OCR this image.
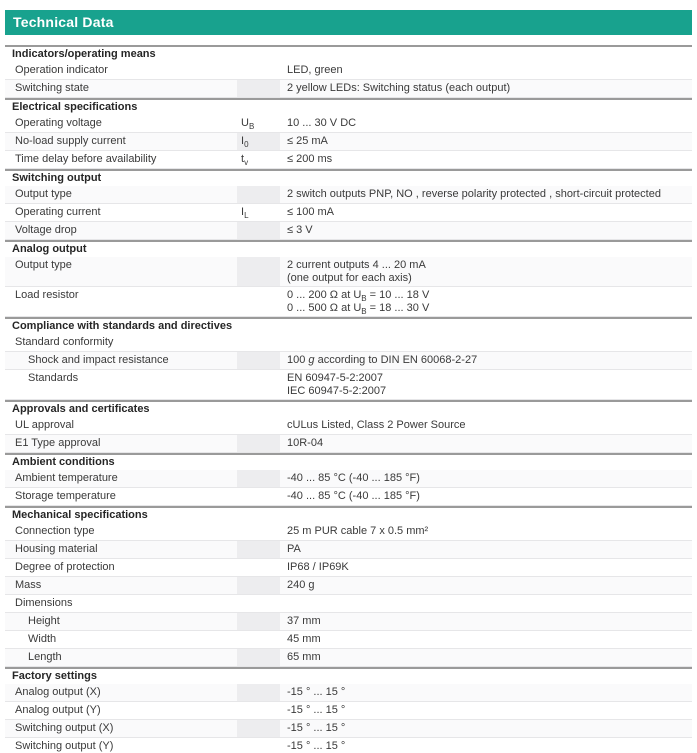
Technical Data
Indicators/operating means
Operation indicator	LED, green
Switching state	2 yellow LEDs: Switching status (each output)
Electrical specifications
Operating voltage	$U_B$	10 ... 30 V DC
No-load supply current	$I_0$	≤ 25 mA
Time delay before availability	$t_v$	≤ 200 ms
Switching output
Output type	2 switch outputs PNP, NO , reverse polarity protected , short-circuit protected
Operating current	$I_L$	≤ 100 mA
Voltage drop	≤ 3 V
Analog output
Output type	2 current outputs 4 ... 20 mA
(one output for each axis)
Load resistor	0 ... 200 Ω at $U_B = 10$ ... 18 V
0 ... 500 Ω at $U_B = 18$ ... 30 V
Compliance with standards and directives
Standard conformity
Shock and impact resistance	100 g according to DIN EN 60068-2-27
Standards	EN 60947-5-2:2007
IEC 60947-5-2:2007
Approvals and certificates
UL approval	cULus Listed, Class 2 Power Source
E1 Type approval	10R-04
Ambient conditions
Ambient temperature	-40 ... 85 °C (-40 ... 185 °F)
Storage temperature	-40 ... 85 °C (-40 ... 185 °F)
Mechanical specifications
Connection type	25 m PUR cable 7 x 0.5 mm²
Housing material	PA
Degree of protection	IP68 / IP69K
Mass	240 g
Dimensions
Height	37 mm
Width	45 mm
Length	65 mm
Factory settings
Analog output (X)	-15 ° ... 15 °
Analog output (Y)	-15 ° ... 15 °
Switching output (X)	-15 ° ... 15 °
Switching output (Y)	-15 ° ... 15 °
